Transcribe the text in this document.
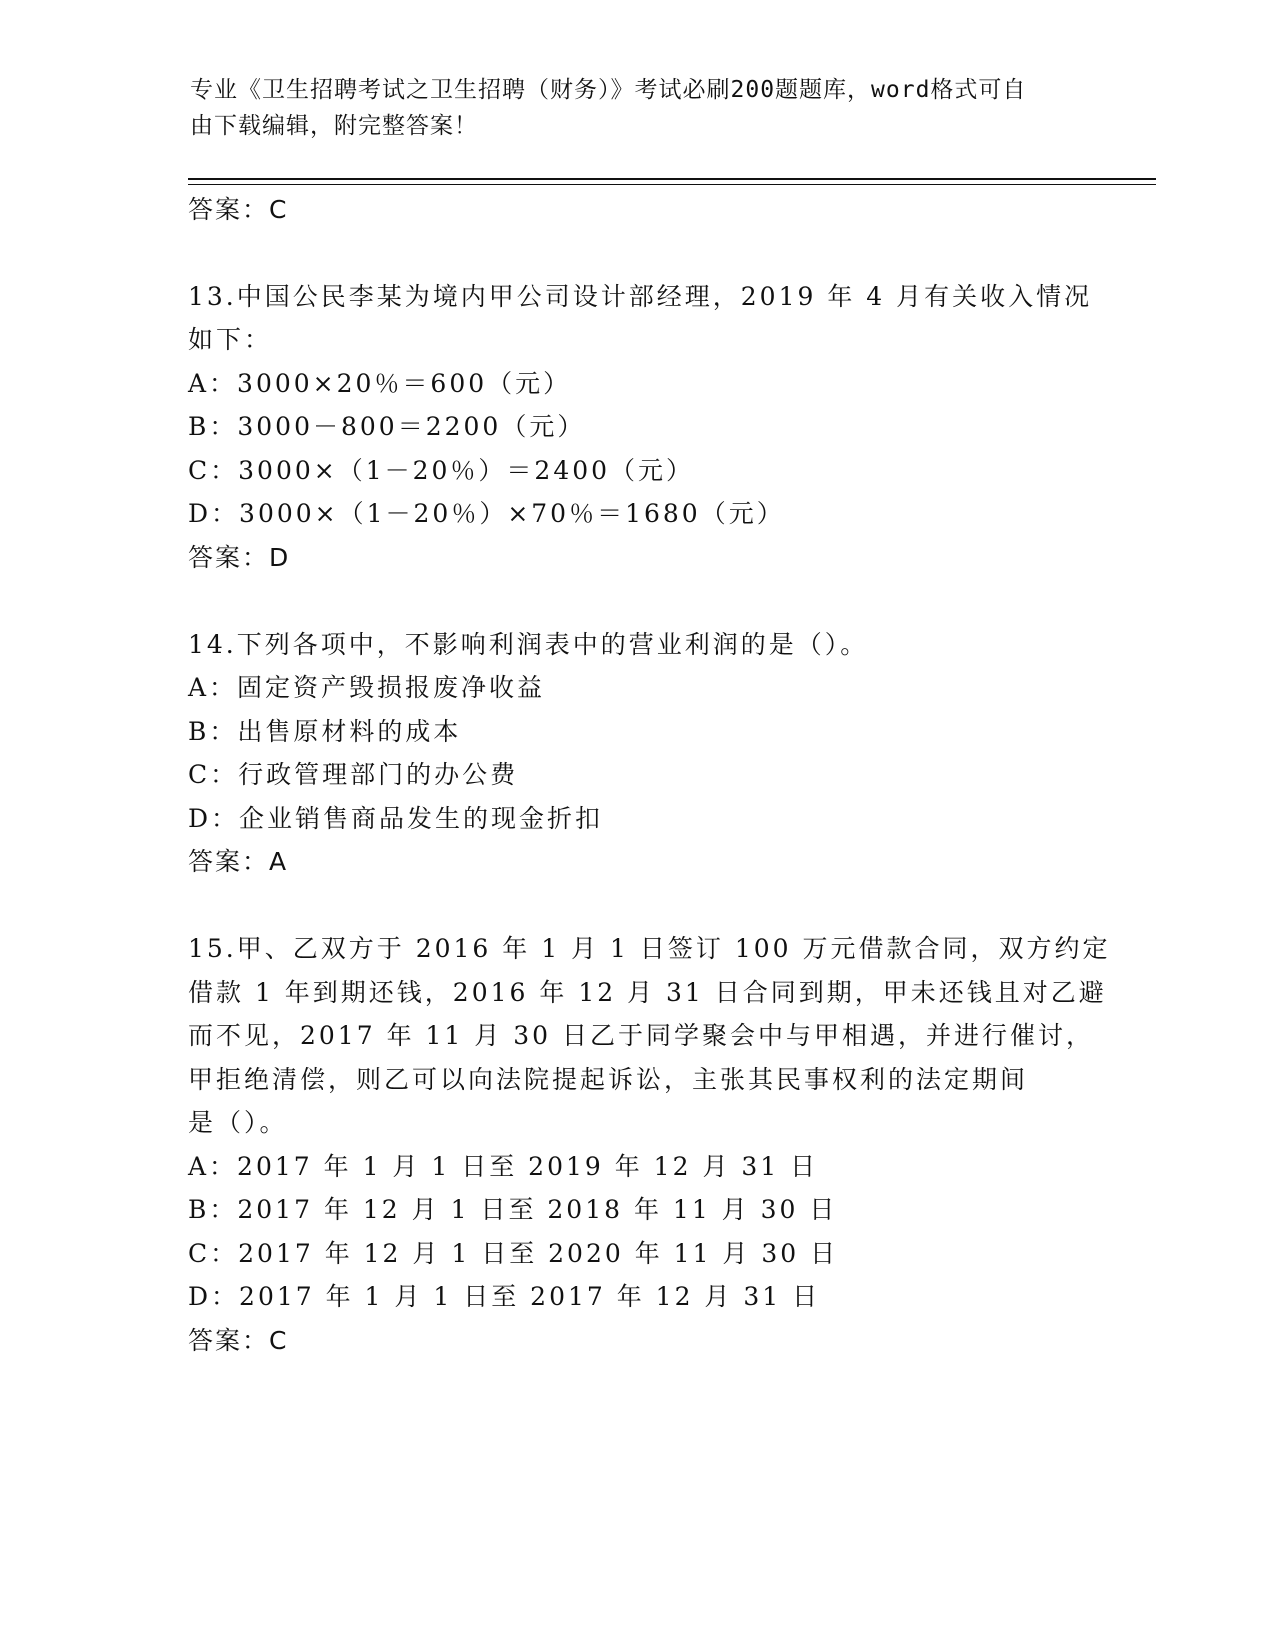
专业《卫生招聘考试之卫生招聘（财务）》考试必刷200题题库，word格式可自
由下载编辑，附完整答案！
答案：C
13.中国公民李某为境内甲公司设计部经理，2019 年 4 月有关收入情况
如下：
A：3000×20％＝600（元）
B：3000－800＝2200（元）
C：3000×（1－20％）＝2400（元）
D：3000×（1－20％）×70％＝1680（元）
答案：D
14.下列各项中，不影响利润表中的营业利润的是（）。
A：固定资产毁损报废净收益
B：出售原材料的成本
C：行政管理部门的办公费
D：企业销售商品发生的现金折扣
答案：A
15.甲、乙双方于 2016 年 1 月 1 日签订 100 万元借款合同，双方约定
借款 1 年到期还钱，2016 年 12 月 31 日合同到期，甲未还钱且对乙避
而不见，2017 年 11 月 30 日乙于同学聚会中与甲相遇，并进行催讨，
甲拒绝清偿，则乙可以向法院提起诉讼，主张其民事权利的法定期间
是（）。
A：2017 年 1 月 1 日至 2019 年 12 月 31 日
B：2017 年 12 月 1 日至 2018 年 11 月 30 日
C：2017 年 12 月 1 日至 2020 年 11 月 30 日
D：2017 年 1 月 1 日至 2017 年 12 月 31 日
答案：C
